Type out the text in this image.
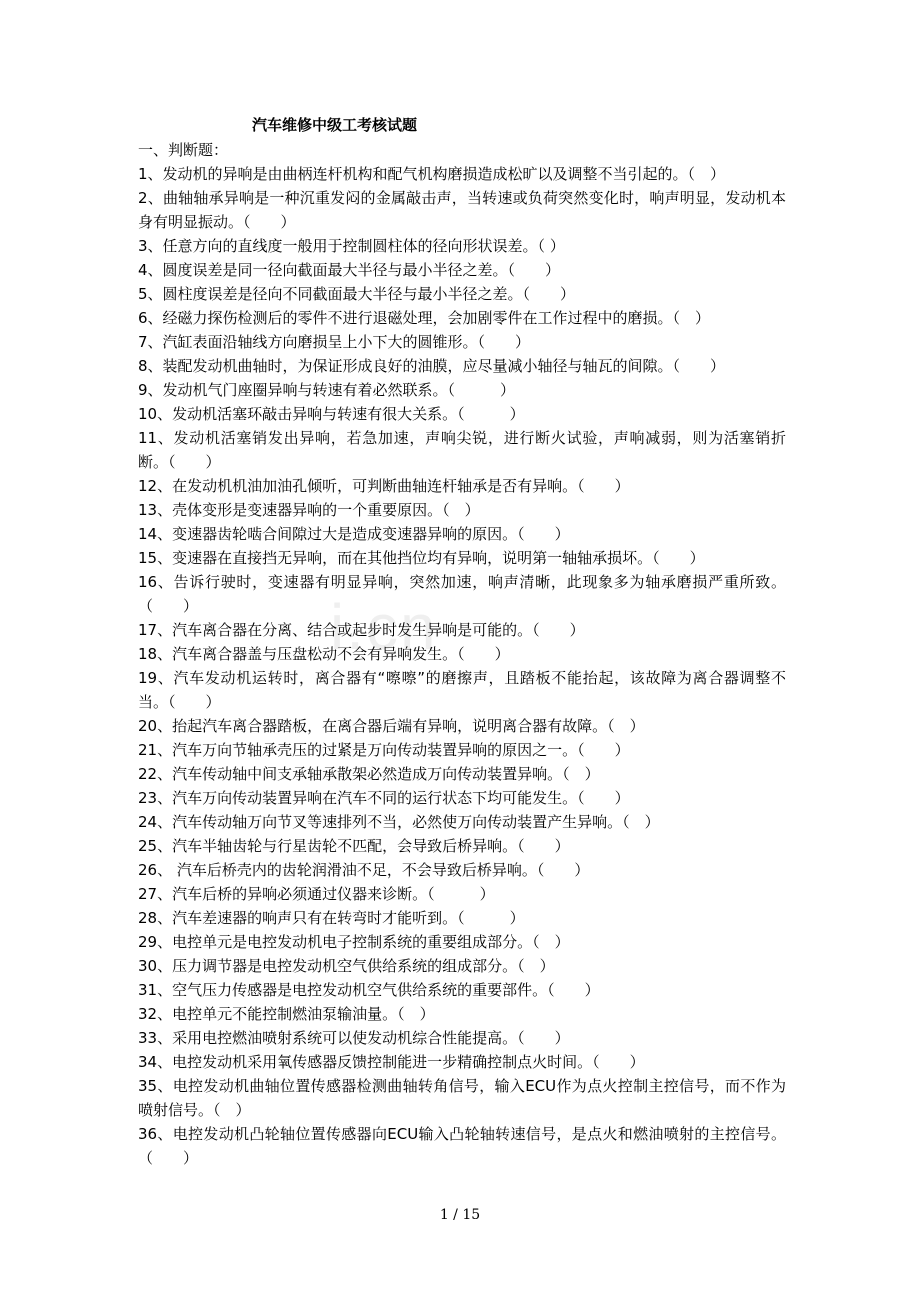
i.cn
汽车维修中级工考核试题
一、判断题：
1、发动机的异响是由曲柄连杆机构和配气机构磨损造成松旷以及调整不当引起的。（　）
2、曲轴轴承异响是一种沉重发闷的金属敲击声，当转速或负荷突然变化时，响声明显，发动机本身有明显振动。（　　）
3、任意方向的直线度一般用于控制圆柱体的径向形状误差。（ ）
4、圆度误差是同一径向截面最大半径与最小半径之差。（　　）
5、圆柱度误差是径向不同截面最大半径与最小半径之差。（　　）
6、经磁力探伤检测后的零件不进行退磁处理，会加剧零件在工作过程中的磨损。（　）
7、汽缸表面沿轴线方向磨损呈上小下大的圆锥形。（　　）
8、装配发动机曲轴时，为保证形成良好的油膜，应尽量减小轴径与轴瓦的间隙。（　　）
9、发动机气门座圈异响与转速有着必然联系。（　　　）
10、发动机活塞环敲击异响与转速有很大关系。（　　　）
11、发动机活塞销发出异响，若急加速，声响尖锐，进行断火试验，声响减弱，则为活塞销折断。（　　）
12、在发动机机油加油孔倾听，可判断曲轴连杆轴承是否有异响。（　　）
13、壳体变形是变速器异响的一个重要原因。（　）
14、变速器齿轮啮合间隙过大是造成变速器异响的原因。（　　）
15、变速器在直接挡无异响，而在其他挡位均有异响，说明第一轴轴承损坏。（　　）
16、告诉行驶时，变速器有明显异响，突然加速，响声清晰，此现象多为轴承磨损严重所致。（　　）
17、汽车离合器在分离、结合或起步时发生异响是可能的。（　　）
18、汽车离合器盖与压盘松动不会有异响发生。（　　）
19、汽车发动机运转时，离合器有“嚓嚓”的磨擦声，且踏板不能抬起，该故障为离合器调整不当。（　　）
20、抬起汽车离合器踏板，在离合器后端有异响，说明离合器有故障。（　）
21、汽车万向节轴承壳压的过紧是万向传动装置异响的原因之一。（　　）
22、汽车传动轴中间支承轴承散架必然造成万向传动装置异响。（　）
23、汽车万向传动装置异响在汽车不同的运行状态下均可能发生。（　　）
24、汽车传动轴万向节叉等速排列不当，必然使万向传动装置产生异响。（　）
25、汽车半轴齿轮与行星齿轮不匹配，会导致后桥异响。（　　）
26、 汽车后桥壳内的齿轮润滑油不足，不会导致后桥异响。（　　）
27、汽车后桥的异响必须通过仪器来诊断。（　　　）
28、汽车差速器的响声只有在转弯时才能听到。（　　　）
29、电控单元是电控发动机电子控制系统的重要组成部分。（　）
30、压力调节器是电控发动机空气供给系统的组成部分。（　）
31、空气压力传感器是电控发动机空气供给系统的重要部件。（　　）
32、电控单元不能控制燃油泵输油量。（　）
33、采用电控燃油喷射系统可以使发动机综合性能提高。（　　）
34、电控发动机采用氧传感器反馈控制能进一步精确控制点火时间。（　　）
35、电控发动机曲轴位置传感器检测曲轴转角信号，输入ECU作为点火控制主控信号，而不作为喷射信号。（　）
36、电控发动机凸轮轴位置传感器向ECU输入凸轮轴转速信号，是点火和燃油喷射的主控信号。（　　）
1 / 15
